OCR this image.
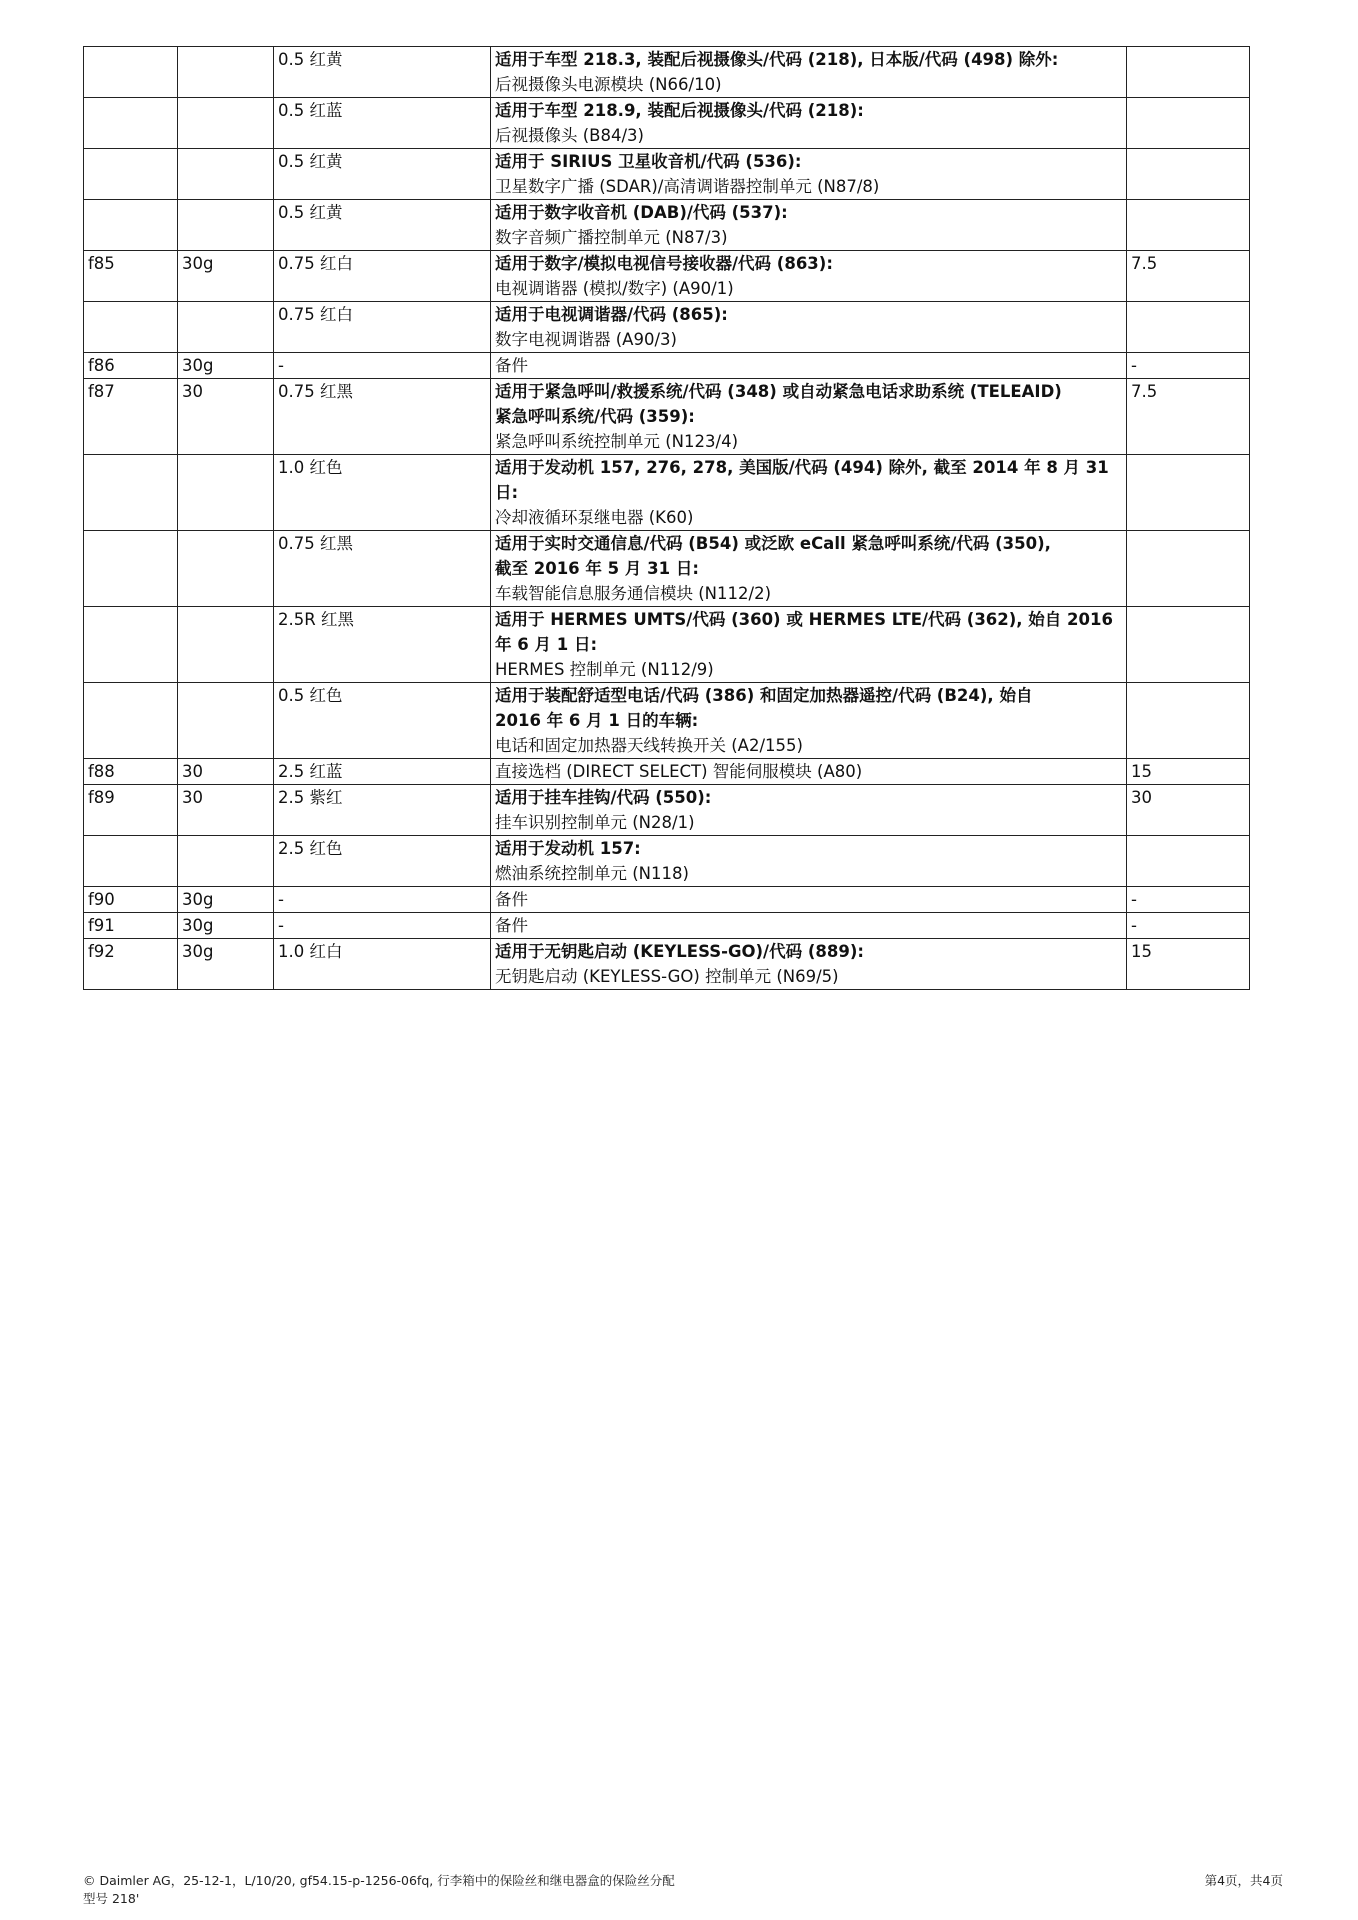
		0.5 红黄	适用于车型 218.3, 装配后视摄像头/代码 (218), 日本版/代码 (498) 除外:
后视摄像头电源模块 (N66/10)	

		0.5 红蓝	适用于车型 218.9, 装配后视摄像头/代码 (218):
后视摄像头 (B84/3)	

		0.5 红黄	适用于 SIRIUS 卫星收音机/代码 (536):
卫星数字广播 (SDAR)/高清调谐器控制单元 (N87/8)	

		0.5 红黄	适用于数字收音机 (DAB)/代码 (537):
数字音频广播控制单元 (N87/3)	

f85	30g	0.75 红白	适用于数字/模拟电视信号接收器/代码 (863):
电视调谐器 (模拟/数字) (A90/1)	7.5
		0.75 红白	适用于电视调谐器/代码 (865):
数字电视调谐器 (A90/3)	

f86	30g	-	备件	-
f87	30	0.75 红黑	适用于紧急呼叫/救援系统/代码 (348) 或自动紧急电话求助系统 (TELEAID)
紧急呼叫系统/代码 (359):
紧急呼叫系统控制单元 (N123/4)	7.5
		1.0 红色	适用于发动机 157, 276, 278, 美国版/代码 (494) 除外, 截至 2014 年 8 月 31
日:
冷却液循环泵继电器 (K60)	

		0.75 红黑	适用于实时交通信息/代码 (B54) 或泛欧 eCall 紧急呼叫系统/代码 (350),
截至 2016 年 5 月 31 日:
车载智能信息服务通信模块 (N112/2)	

		2.5R 红黑	适用于 HERMES UMTS/代码 (360) 或 HERMES LTE/代码 (362), 始自 2016
年 6 月 1 日:
HERMES 控制单元 (N112/9)	

		0.5 红色	适用于装配舒适型电话/代码 (386) 和固定加热器遥控/代码 (B24), 始自
2016 年 6 月 1 日的车辆:
电话和固定加热器天线转换开关 (A2/155)	

f88	30	2.5 红蓝	直接选档 (DIRECT SELECT) 智能伺服模块 (A80)	15
f89	30	2.5 紫红	适用于挂车挂钩/代码 (550):
挂车识别控制单元 (N28/1)	30
		2.5 红色	适用于发动机 157:
燃油系统控制单元 (N118)	

f90	30g	-	备件	-
f91	30g	-	备件	-
f92	30g	1.0 红白	适用于无钥匙启动 (KEYLESS-GO)/代码 (889):
无钥匙启动 (KEYLESS-GO) 控制单元 (N69/5)	15
© Daimler AG，25-12-1，L/10/20, gf54.15-p-1256-06fq, 行李箱中的保险丝和继电器盒的保险丝分配
型号 218'
第4页，共4页
